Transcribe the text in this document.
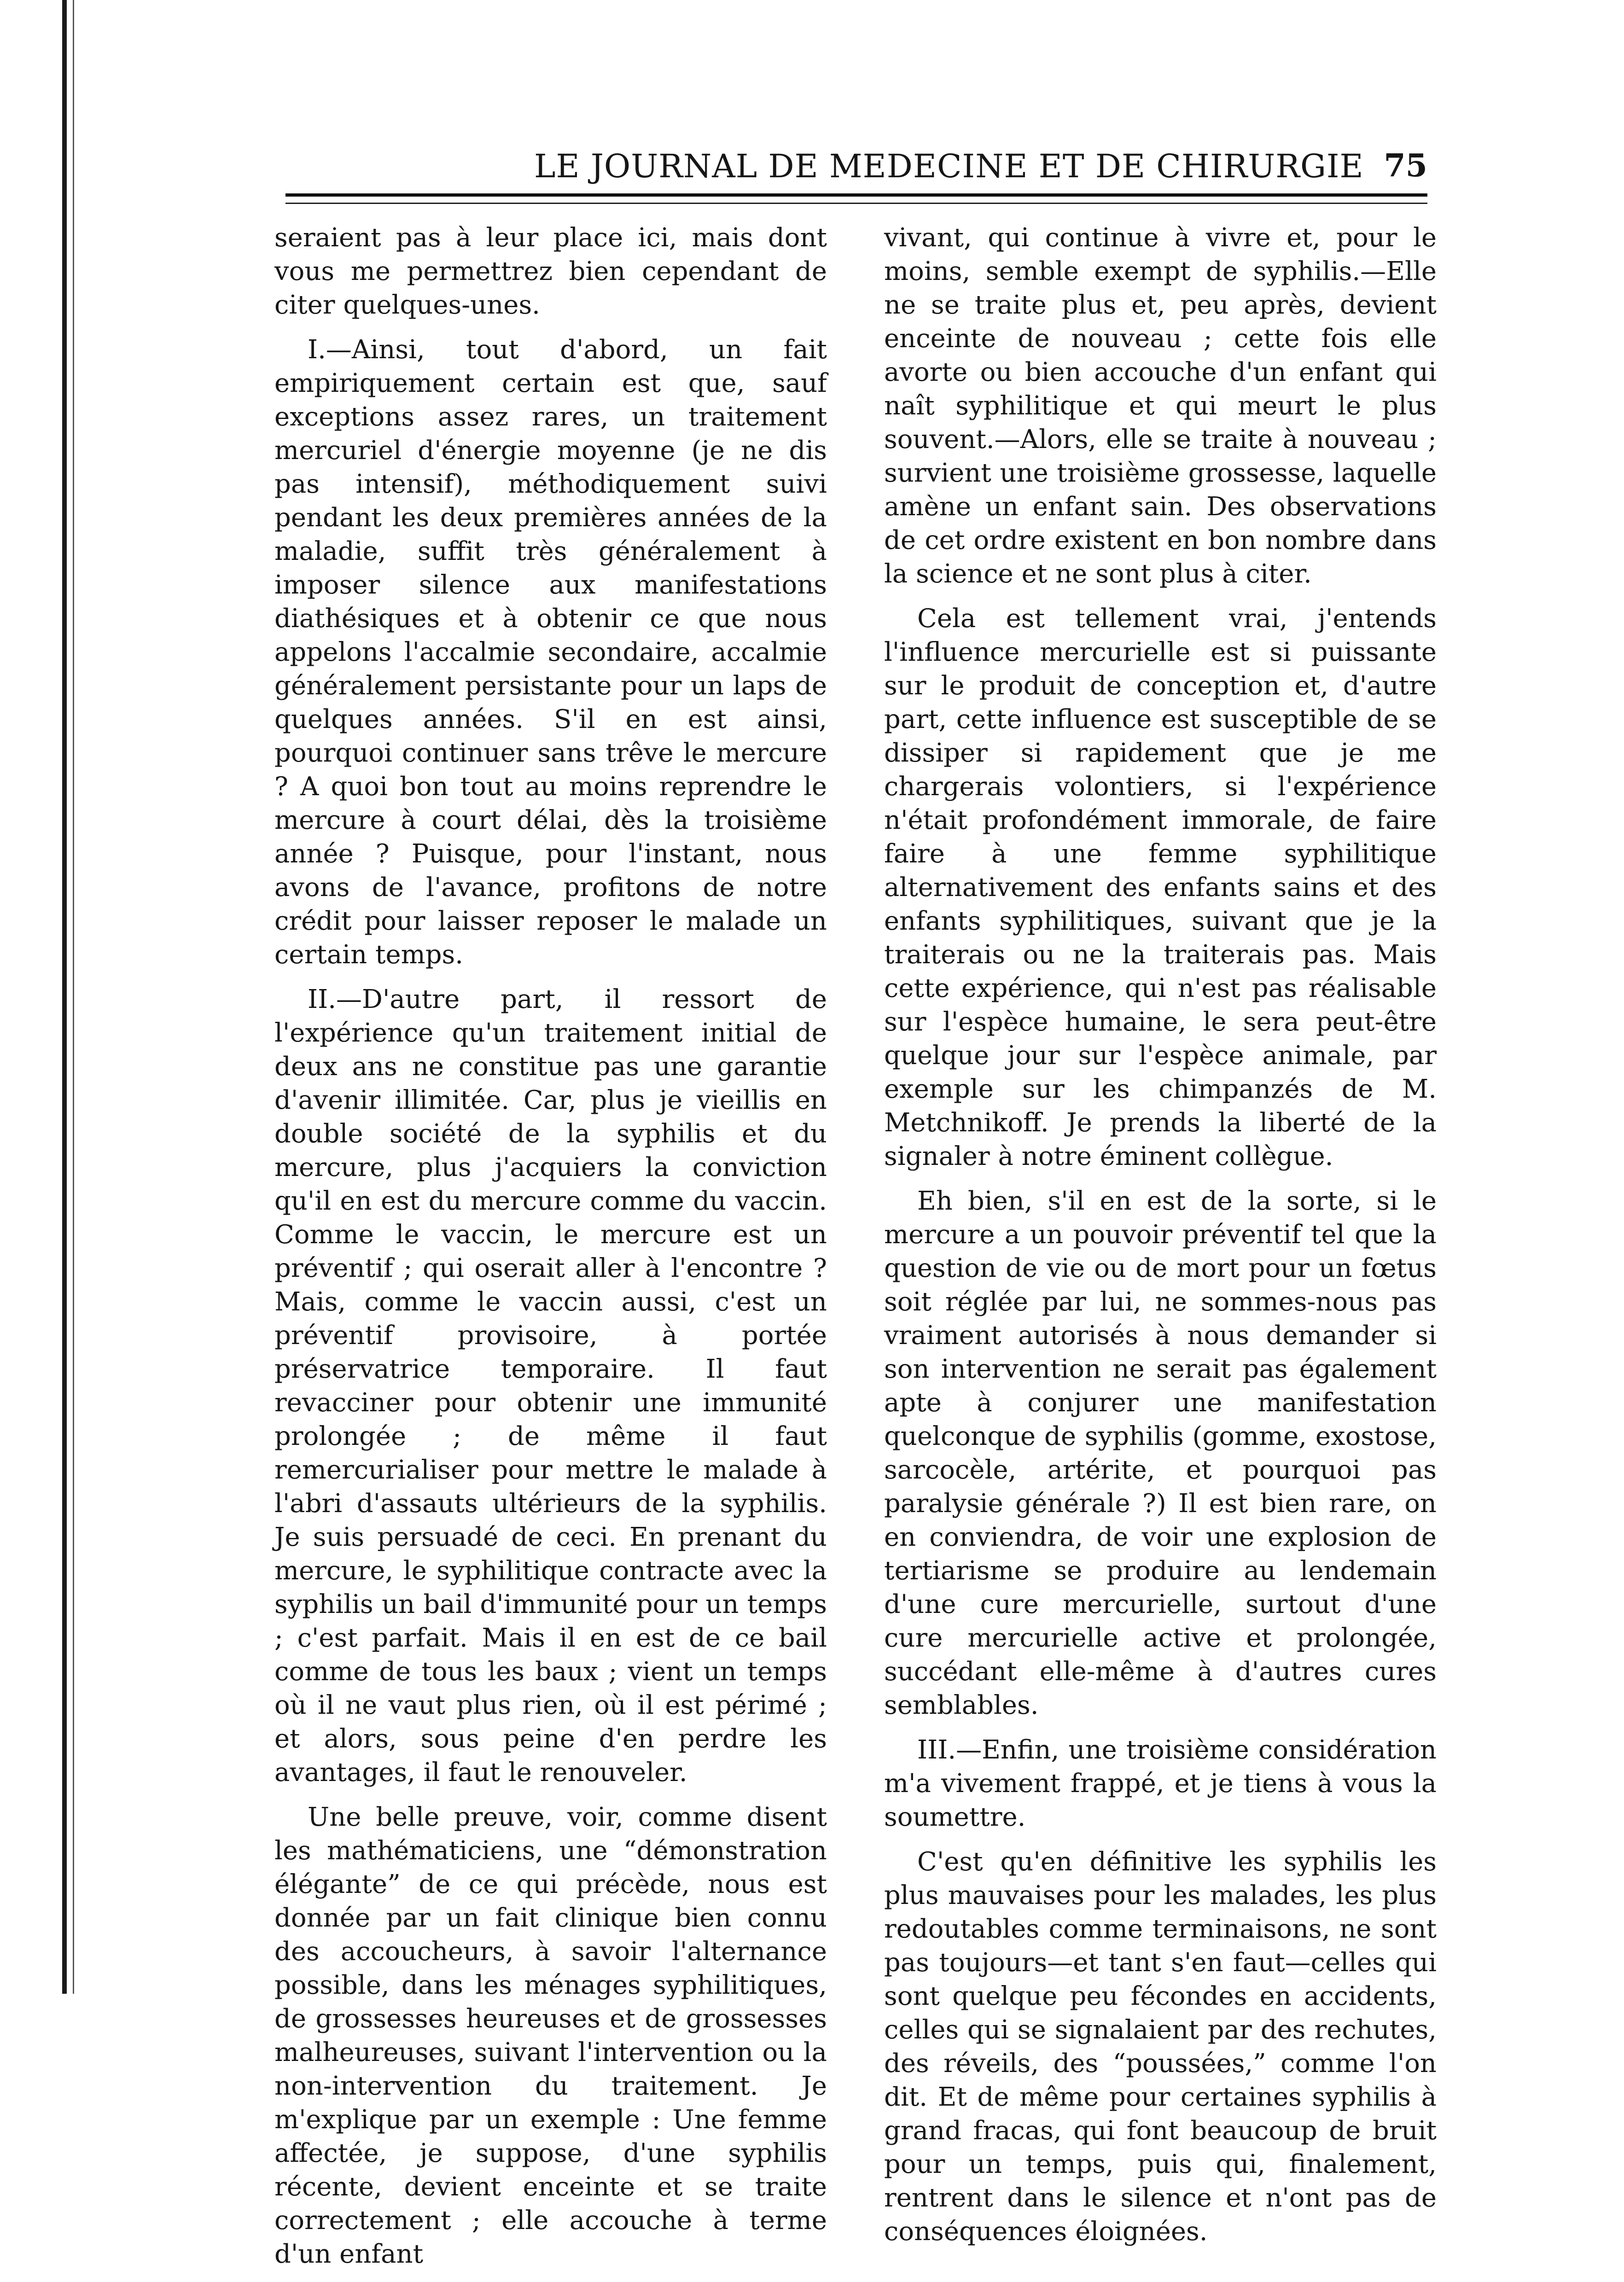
LE JOURNAL DE MEDECINE ET DE CHIRURGIE 75

seraient pas à leur place ici, mais dont vous me permettrez bien cependant de citer quelques-unes.

I.—Ainsi, tout d'abord, un fait empiriquement certain est que, sauf exceptions assez rares, un traitement mercuriel d'énergie moyenne (je ne dis pas intensif), méthodiquement suivi pendant les deux premières années de la maladie, suffit très généralement à imposer silence aux manifestations diathésiques et à obtenir ce que nous appelons l'accalmie secondaire, accalmie généralement persistante pour un laps de quelques années. S'il en est ainsi, pourquoi continuer sans trêve le mercure ? A quoi bon tout au moins reprendre le mercure à court délai, dès la troisième année ? Puisque, pour l'instant, nous avons de l'avance, profitons de notre crédit pour laisser reposer le malade un certain temps.

II.—D'autre part, il ressort de l'expérience qu'un traitement initial de deux ans ne constitue pas une garantie d'avenir illimitée. Car, plus je vieillis en double société de la syphilis et du mercure, plus j'acquiers la conviction qu'il en est du mercure comme du vaccin. Comme le vaccin, le mercure est un préventif ; qui oserait aller à l'encontre ? Mais, comme le vaccin aussi, c'est un préventif provisoire, à portée préservatrice temporaire. Il faut revacciner pour obtenir une immunité prolongée ; de même il faut remercurialiser pour mettre le malade à l'abri d'assauts ultérieurs de la syphilis. Je suis persuadé de ceci. En prenant du mercure, le syphilitique contracte avec la syphilis un bail d'immunité pour un temps ; c'est parfait. Mais il en est de ce bail comme de tous les baux ; vient un temps où il ne vaut plus rien, où il est périmé ; et alors, sous peine d'en perdre les avantages, il faut le renouveler.

Une belle preuve, voir, comme disent les mathématiciens, une “démonstration élégante” de ce qui précède, nous est donnée par un fait clinique bien connu des accoucheurs, à savoir l'alternance possible, dans les ménages syphilitiques, de grossesses heureuses et de grossesses malheureuses, suivant l'intervention ou la non-intervention du traitement. Je m'explique par un exemple : Une femme affectée, je suppose, d'une syphilis récente, devient enceinte et se traite correctement ; elle accouche à terme d'un enfant

vivant, qui continue à vivre et, pour le moins, semble exempt de syphilis.—Elle ne se traite plus et, peu après, devient enceinte de nouveau ; cette fois elle avorte ou bien accouche d'un enfant qui naît syphilitique et qui meurt le plus souvent.—Alors, elle se traite à nouveau ; survient une troisième grossesse, laquelle amène un enfant sain. Des observations de cet ordre existent en bon nombre dans la science et ne sont plus à citer.

Cela est tellement vrai, j'entends l'influence mercurielle est si puissante sur le produit de conception et, d'autre part, cette influence est susceptible de se dissiper si rapidement que je me chargerais volontiers, si l'expérience n'était profondément immorale, de faire faire à une femme syphilitique alternativement des enfants sains et des enfants syphilitiques, suivant que je la traiterais ou ne la traiterais pas. Mais cette expérience, qui n'est pas réalisable sur l'espèce humaine, le sera peut-être quelque jour sur l'espèce animale, par exemple sur les chimpanzés de M. Metchnikoff. Je prends la liberté de la signaler à notre éminent collègue.

Eh bien, s'il en est de la sorte, si le mercure a un pouvoir préventif tel que la question de vie ou de mort pour un fœtus soit réglée par lui, ne sommes-nous pas vraiment autorisés à nous demander si son intervention ne serait pas également apte à conjurer une manifestation quelconque de syphilis (gomme, exostose, sarcocèle, artérite, et pourquoi pas paralysie générale ?) Il est bien rare, on en conviendra, de voir une explosion de tertiarisme se produire au lendemain d'une cure mercurielle, surtout d'une cure mercurielle active et prolongée, succédant elle-même à d'autres cures semblables.

III.—Enfin, une troisième considération m'a vivement frappé, et je tiens à vous la soumettre.

C'est qu'en définitive les syphilis les plus mauvaises pour les malades, les plus redoutables comme terminaisons, ne sont pas toujours—et tant s'en faut—celles qui sont quelque peu fécondes en accidents, celles qui se signalaient par des rechutes, des réveils, des “poussées,” comme l'on dit. Et de même pour certaines syphilis à grand fracas, qui font beaucoup de bruit pour un temps, puis qui, finalement, rentrent dans le silence et n'ont pas de conséquences éloignées.
